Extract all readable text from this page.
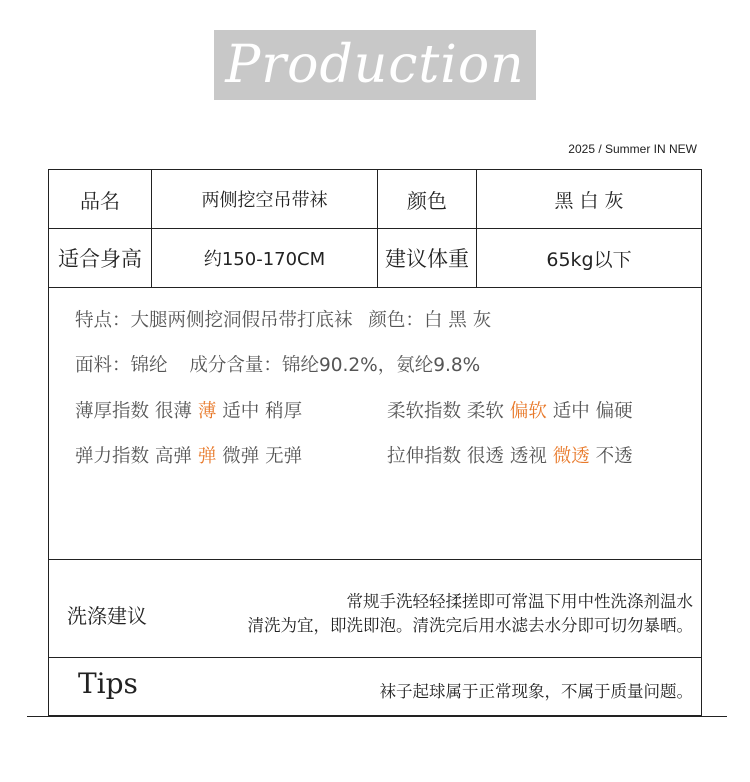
Production
2025 / Summer IN NEW
品名	两侧挖空吊带袜	颜色	黑 白 灰
适合身高	约150-170CM	建议体重	65kg以下
特点：大腿两侧挖洞假吊带打底袜 颜色：白 黑 灰
面料：锦纶 成分含量：锦纶90.2%，氨纶9.8%
薄厚指数 很薄 薄 适中 稍厚	柔软指数 柔软 偏软 适中 偏硬
弹力指数 高弹 弹 微弹 无弹	拉伸指数 很透 透视 微透 不透
洗涤建议
常规手洗轻轻揉搓即可常温下用中性洗涤剂温水
清洗为宜，即洗即泡。清洗完后用水滤去水分即可切勿暴晒。
Tips	袜子起球属于正常现象，不属于质量问题。
